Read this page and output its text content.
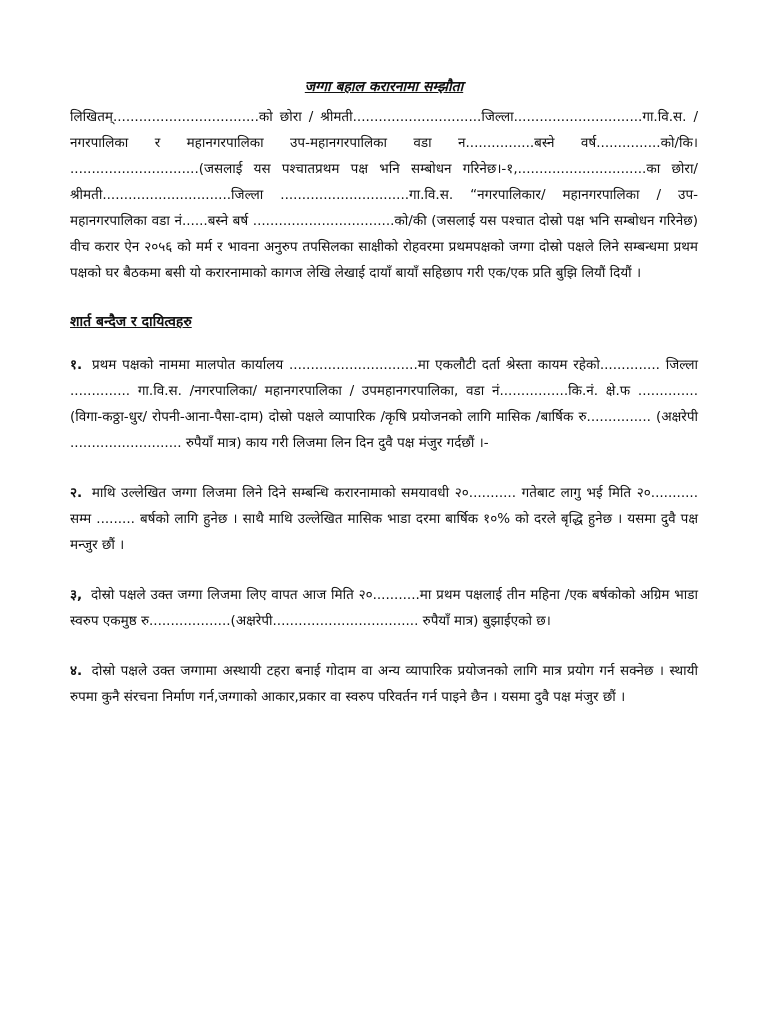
जग्गा बहाल करारनामा सम्झौता

लिखितम्..................................को छोरा / श्रीमती..............................जिल्ला..............................गा.वि.स. /नगरपालिका र महानगरपालिका उप-महानगरपालिका वडा न................बस्ने वर्ष...............को/कि। ..............................(जसलाई यस पश्चातप्रथम पक्ष भनि सम्बोधन गरिनेछ।-१,..............................का छोरा/श्रीमती..............................जिल्ला ..............................गा.वि.स. “नगरपालिकार/ महानगरपालिका / उप-महानगरपालिका वडा नं......बस्ने बर्ष .................................को/की (जसलाई यस पश्चात दोस्रो पक्ष भनि सम्बोधन गरिनेछ) वीच करार ऐन २०५६ को मर्म र भावना अनुरुप तपसिलका साक्षीको रोहवरमा प्रथमपक्षको जग्गा दोस्रो पक्षले लिने सम्बन्धमा प्रथम पक्षको घर बैठकमा बसी यो करारनामाको कागज लेखि लेखाई दायाँ बायाँ सहिछाप गरी एक/एक प्रति बुझि लियौं दियौं ।

शार्त बन्दैज र दायित्वहरु

१. प्रथम पक्षको नाममा मालपोत कार्यालय ..............................मा एकलौटी दर्ता श्रेस्ता कायम रहेको.............. जिल्ला .............. गा.वि.स. /नगरपालिका/ महानगरपालिका / उपमहानगरपालिका, वडा नं................कि.नं. क्षे.फ ..............(विगा-कठ्ठा-धुर/ रोपनी-आना-पैसा-दाम) दोस्रो पक्षले व्यापारिक /कृषि प्रयोजनको लागि मासिक /बार्षिक रु............... (अक्षरेपी .......................... रुपैयाँ मात्र) काय गरी लिजमा लिन दिन दुवै पक्ष मंजुर गर्दछौं ।-

२. माथि उल्लेखित जग्गा लिजमा लिने दिने सम्बन्धि करारनामाको समयावधी २०........... गतेबाट लागु भई मिति २०........... सम्म ......... बर्षको लागि हुनेछ । साथै माथि उल्लेखित मासिक भाडा दरमा बार्षिक १०% को दरले बृद्धि हुनेछ । यसमा दुवै पक्ष मन्जुर छौं ।

३, दोस्रो पक्षले उक्त जग्गा लिजमा लिए वापत आज मिति २०...........मा प्रथम पक्षलाई तीन महिना /एक बर्षकोको अग्रिम भाडा स्वरुप एकमुष्ठ रु...................(अक्षरेपी.................................. रुपैयाँ मात्र) बुझाईएको छ।

४. दोस्रो पक्षले उक्त जग्गामा अस्थायी टहरा बनाई गोदाम वा अन्य व्यापारिक प्रयोजनको लागि मात्र प्रयोग गर्न सक्नेछ । स्थायी रुपमा कुनै संरचना निर्माण गर्न,जग्गाको आकार,प्रकार वा स्वरुप परिवर्तन गर्न पाइने छैन । यसमा दुवै पक्ष मंजुर छौं ।
